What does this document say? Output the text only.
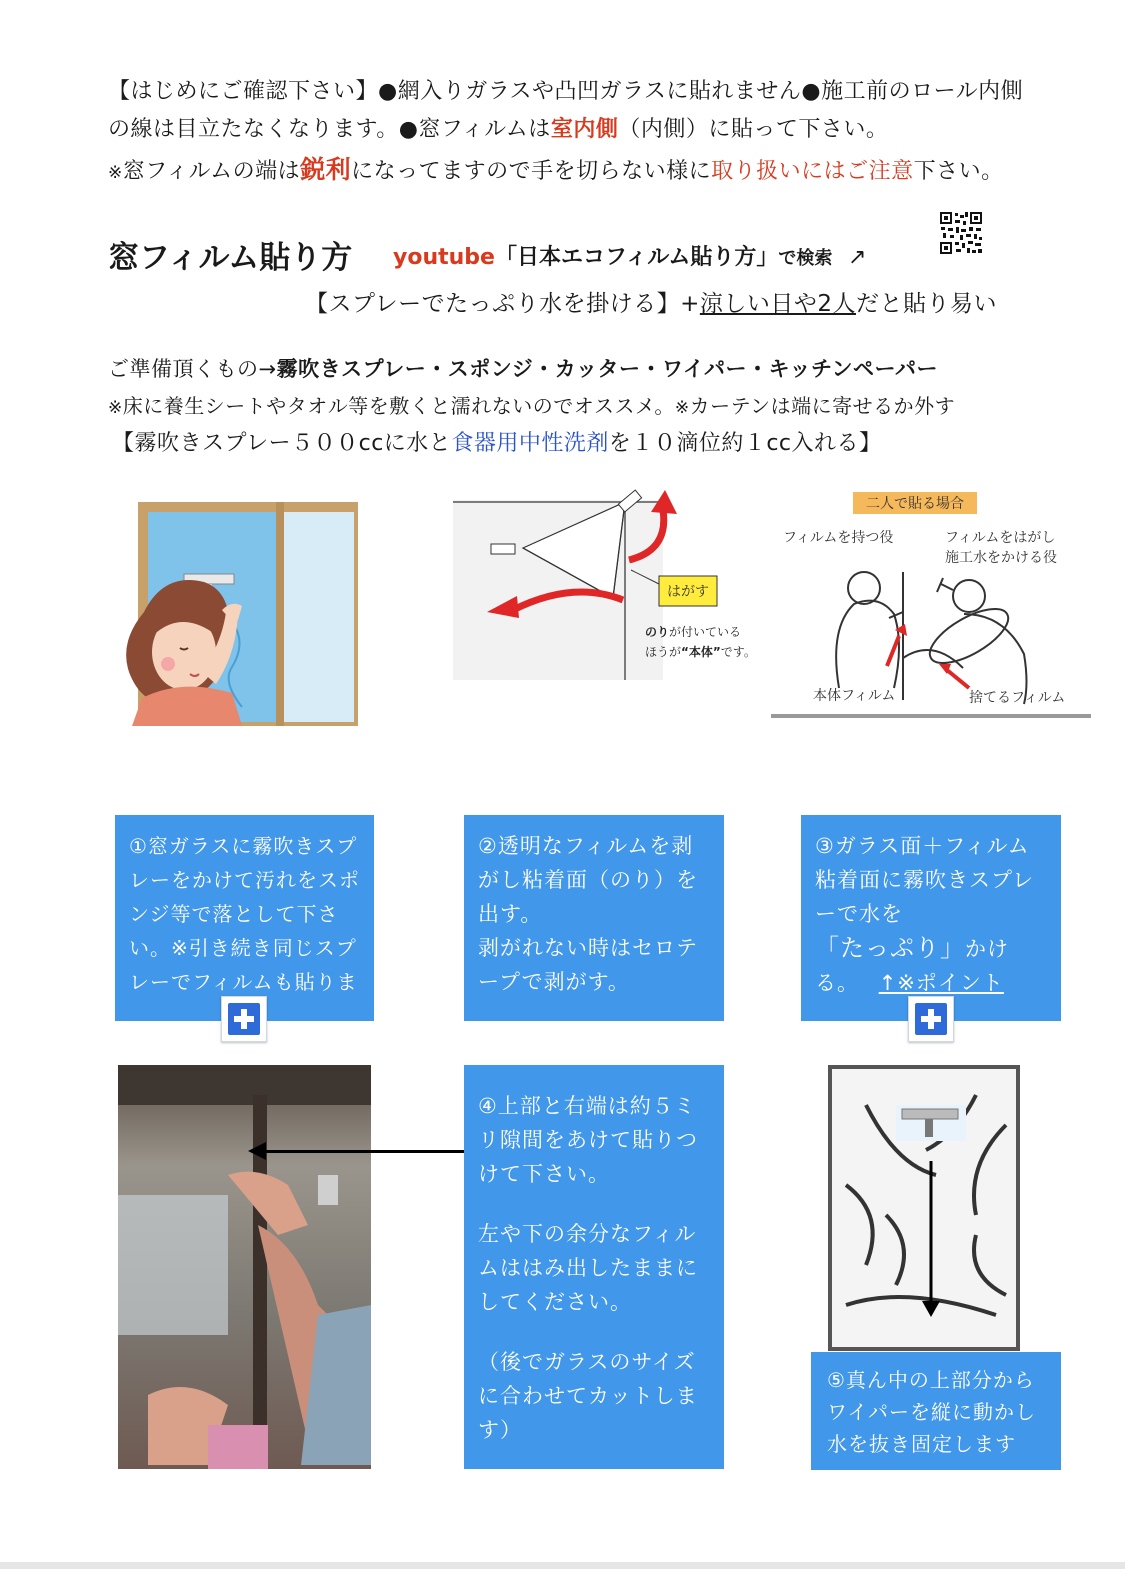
【はじめにご確認下さい】●網入りガラスや凸凹ガラスに貼れません●施工前のロール内側
の線は目立たなくなります。●窓フィルムは室内側（内側）に貼って下さい。
※窓フィルムの端は鋭利になってますので手を切らない様に取り扱いにはご注意下さい。
窓フィルム貼り方 youtube「日本エコフィルム貼り方」で検索 ↗
【スプレーでたっぷり水を掛ける】+涼しい日や2人だと貼り易い
ご準備頂くもの→霧吹きスプレー・スポンジ・カッター・ワイパー・キッチンペーパー
※床に養生シートやタオル等を敷くと濡れないのでオススメ。※カーテンは端に寄せるか外す
【霧吹きスプレー５００ccに水と食器用中性洗剤を１０滴位約１cc入れる】
はがす
のりが付いている
ほうが“本体”です。
二人で貼る場合
フィルムを持つ役	フィルムをはがし
施工水をかける役
本体フィルム	捨てるフィルム
①窓ガラスに霧吹きスプレーをかけて汚れをスポンジ等で落として下さい。※引き続き同じスプレーでフィルムも貼りま
②透明なフィルムを剥がし粘着面（のり）を出す。
剥がれない時はセロテープで剥がす。
③ガラス面＋フィルム粘着面に霧吹きスプレーで水を「たっぷり」かける。 ↑※ポイント
④上部と右端は約５ミリ隙間をあけて貼りつけて下さい。
左や下の余分なフィルムははみ出したままにしてください。
（後でガラスのサイズに合わせてカットします）
⑤真ん中の上部分からワイパーを縦に動かし水を抜き固定します
